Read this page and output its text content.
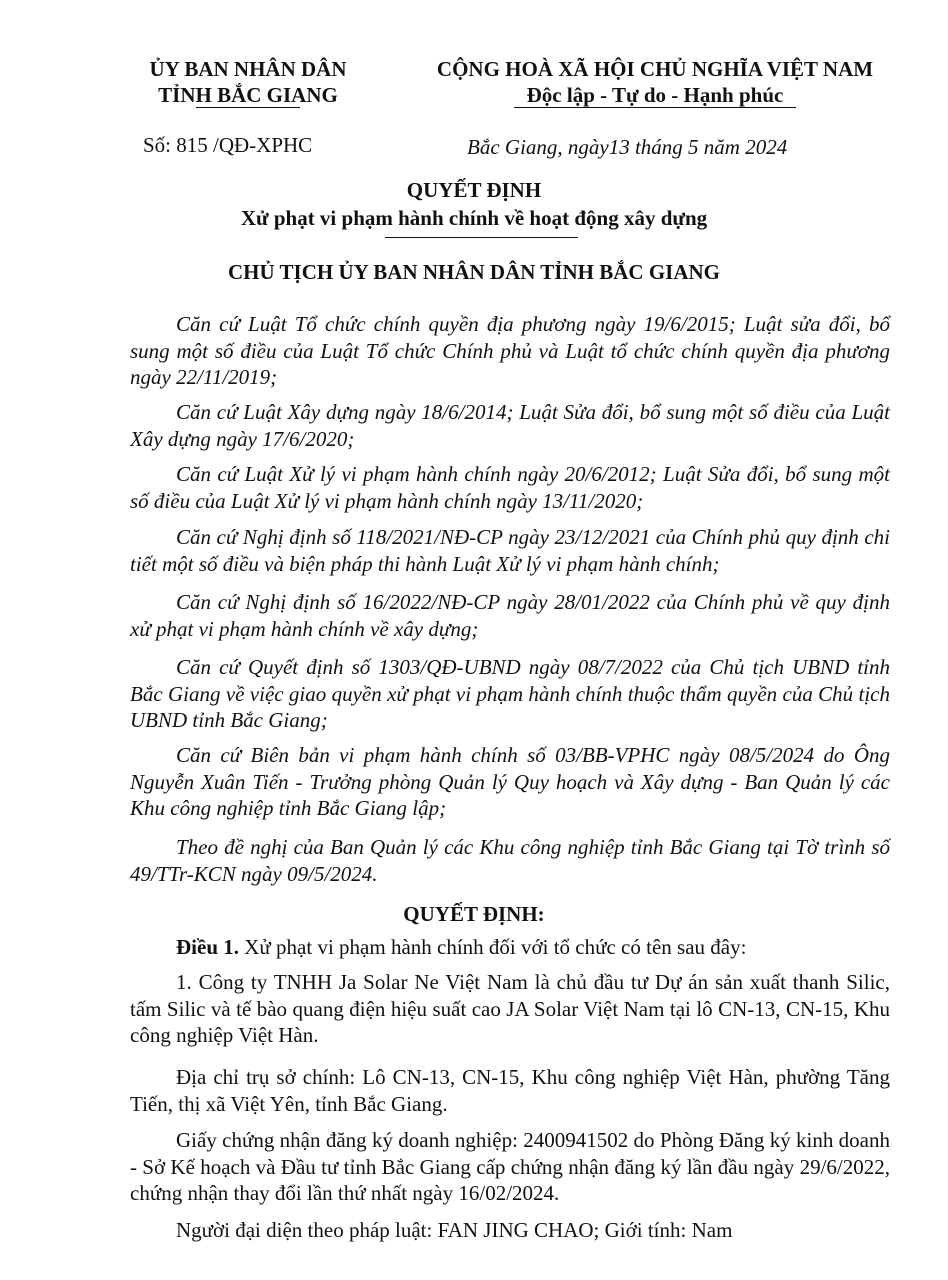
ỦY BAN NHÂN DÂN
TỈNH BẮC GIANG
CỘNG HOÀ XÃ HỘI CHỦ NGHĨA VIỆT NAM
Độc lập - Tự do - Hạnh phúc
Số: 815 /QĐ-XPHC	Bắc Giang, ngày13 tháng 5 năm 2024
QUYẾT ĐỊNH
Xử phạt vi phạm hành chính về hoạt động xây dựng
CHỦ TỊCH ỦY BAN NHÂN DÂN TỈNH BẮC GIANG
Căn cứ Luật Tổ chức chính quyền địa phương ngày 19/6/2015; Luật sửa đổi, bổ sung một số điều của Luật Tổ chức Chính phủ và Luật tổ chức chính quyền địa phương ngày 22/11/2019;
Căn cứ Luật Xây dựng ngày 18/6/2014; Luật Sửa đổi, bổ sung một số điều của Luật Xây dựng ngày 17/6/2020;
Căn cứ Luật Xử lý vi phạm hành chính ngày 20/6/2012; Luật Sửa đổi, bổ sung một số điều của Luật Xử lý vi phạm hành chính ngày 13/11/2020;
Căn cứ Nghị định số 118/2021/NĐ-CP ngày 23/12/2021 của Chính phủ quy định chi tiết một số điều và biện pháp thi hành Luật Xử lý vi phạm hành chính;
Căn cứ Nghị định số 16/2022/NĐ-CP ngày 28/01/2022 của Chính phủ về quy định xử phạt vi phạm hành chính về xây dựng;
Căn cứ Quyết định số 1303/QĐ-UBND ngày 08/7/2022 của Chủ tịch UBND tỉnh Bắc Giang về việc giao quyền xử phạt vi phạm hành chính thuộc thẩm quyền của Chủ tịch UBND tỉnh Bắc Giang;
Căn cứ Biên bản vi phạm hành chính số 03/BB-VPHC ngày 08/5/2024 do Ông Nguyễn Xuân Tiến - Trưởng phòng Quản lý Quy hoạch và Xây dựng - Ban Quản lý các Khu công nghiệp tỉnh Bắc Giang lập;
Theo đề nghị của Ban Quản lý các Khu công nghiệp tỉnh Bắc Giang tại Tờ trình số 49/TTr-KCN ngày 09/5/2024.
QUYẾT ĐỊNH:
Điều 1. Xử phạt vi phạm hành chính đối với tổ chức có tên sau đây:
1. Công ty TNHH Ja Solar Ne Việt Nam là chủ đầu tư Dự án sản xuất thanh Silic, tấm Silic và tế bào quang điện hiệu suất cao JA Solar Việt Nam tại lô CN-13, CN-15, Khu công nghiệp Việt Hàn.
Địa chỉ trụ sở chính: Lô CN-13, CN-15, Khu công nghiệp Việt Hàn, phường Tăng Tiến, thị xã Việt Yên, tỉnh Bắc Giang.
Giấy chứng nhận đăng ký doanh nghiệp: 2400941502 do Phòng Đăng ký kinh doanh - Sở Kế hoạch và Đầu tư tỉnh Bắc Giang cấp chứng nhận đăng ký lần đầu ngày 29/6/2022, chứng nhận thay đổi lần thứ nhất ngày 16/02/2024.
Người đại diện theo pháp luật: FAN JING CHAO; Giới tính: Nam
